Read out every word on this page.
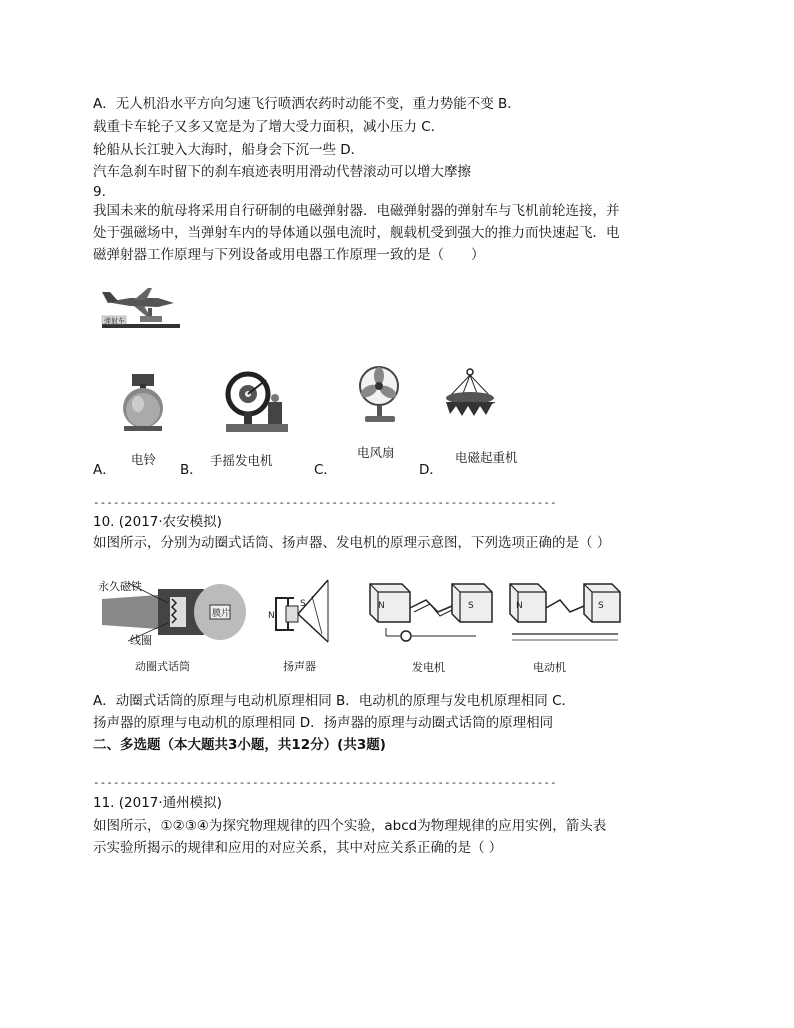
A．无人机沿水平方向匀速飞行喷洒农药时动能不变，重力势能不变 B．
载重卡车轮子又多又宽是为了增大受力面积，减小压力 C．
轮船从长江驶入大海时，船身会下沉一些 D．
汽车急刹车时留下的刹车痕迹表明用滑动代替滚动可以增大摩擦
9.
我国未来的航母将采用自行研制的电磁弹射器．电磁弹射器的弹射车与飞机前轮连接，并
处于强磁场中，当弹射车内的导体通以强电流时，舰载机受到强大的推力而快速起飞．电
磁弹射器工作原理与下列设备或用电器工作原理一致的是（　　）
弹射车
电铃	手摇发电机
电风扇	电磁起重机
A．	B．	C．	D．
----------------------------------------------------------------------
10. (2017·农安模拟)
如图所示，分别为动圈式话筒、扬声器、发电机的原理示意图，下列选项正确的是（ ）
膜片
永久磁铁
线圈
动圈式话筒
N
S
扬声器
N	S
发电机
N	S
电动机
A．动圈式话筒的原理与电动机原理相同 B．电动机的原理与发电机原理相同 C．
扬声器的原理与电动机的原理相同 D．扬声器的原理与动圈式话筒的原理相同
二、多选题（本大题共3小题，共12分）(共3题)
----------------------------------------------------------------------
11. (2017·通州模拟)
如图所示，①②③④为探究物理规律的四个实验，abcd为物理规律的应用实例，箭头表
示实验所揭示的规律和应用的对应关系，其中对应关系正确的是（ ）
